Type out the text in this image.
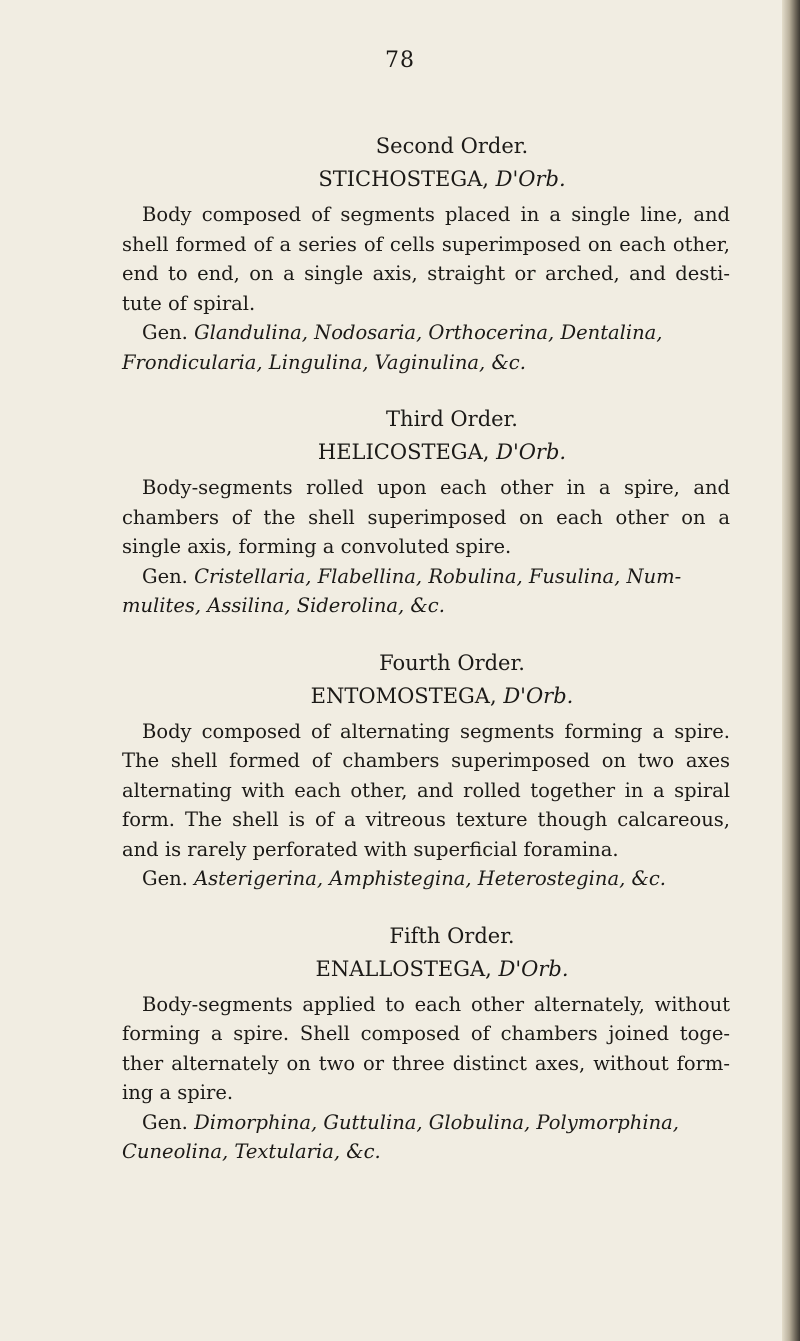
78
Second Order.
STICHOSTEGA, D'Orb.

Body composed of segments placed in a single line, and shell formed of a series of cells superimposed on each other, end to end, on a single axis, straight or arched, and desti- tute of spiral.

Gen. Glandulina, Nodosaria, Orthocerina, Dentalina, Frondicularia, Lingulina, Vaginulina, &c.

Third Order.
HELICOSTEGA, D'Orb.

Body-segments rolled upon each other in a spire, and chambers of the shell superimposed on each other on a single axis, forming a convoluted spire.

Gen. Cristellaria, Flabellina, Robulina, Fusulina, Num- mulites, Assilina, Siderolina, &c.

Fourth Order.
ENTOMOSTEGA, D'Orb.

Body composed of alternating segments forming a spire. The shell formed of chambers superimposed on two axes alternating with each other, and rolled together in a spiral form. The shell is of a vitreous texture though calcareous, and is rarely perforated with superficial foramina.

Gen. Asterigerina, Amphistegina, Heterostegina, &c.

Fifth Order.
ENALLOSTEGA, D'Orb.

Body-segments applied to each other alternately, without forming a spire. Shell composed of chambers joined toge- ther alternately on two or three distinct axes, without form- ing a spire.

Gen. Dimorphina, Guttulina, Globulina, Polymorphina, Cuneolina, Textularia, &c.
